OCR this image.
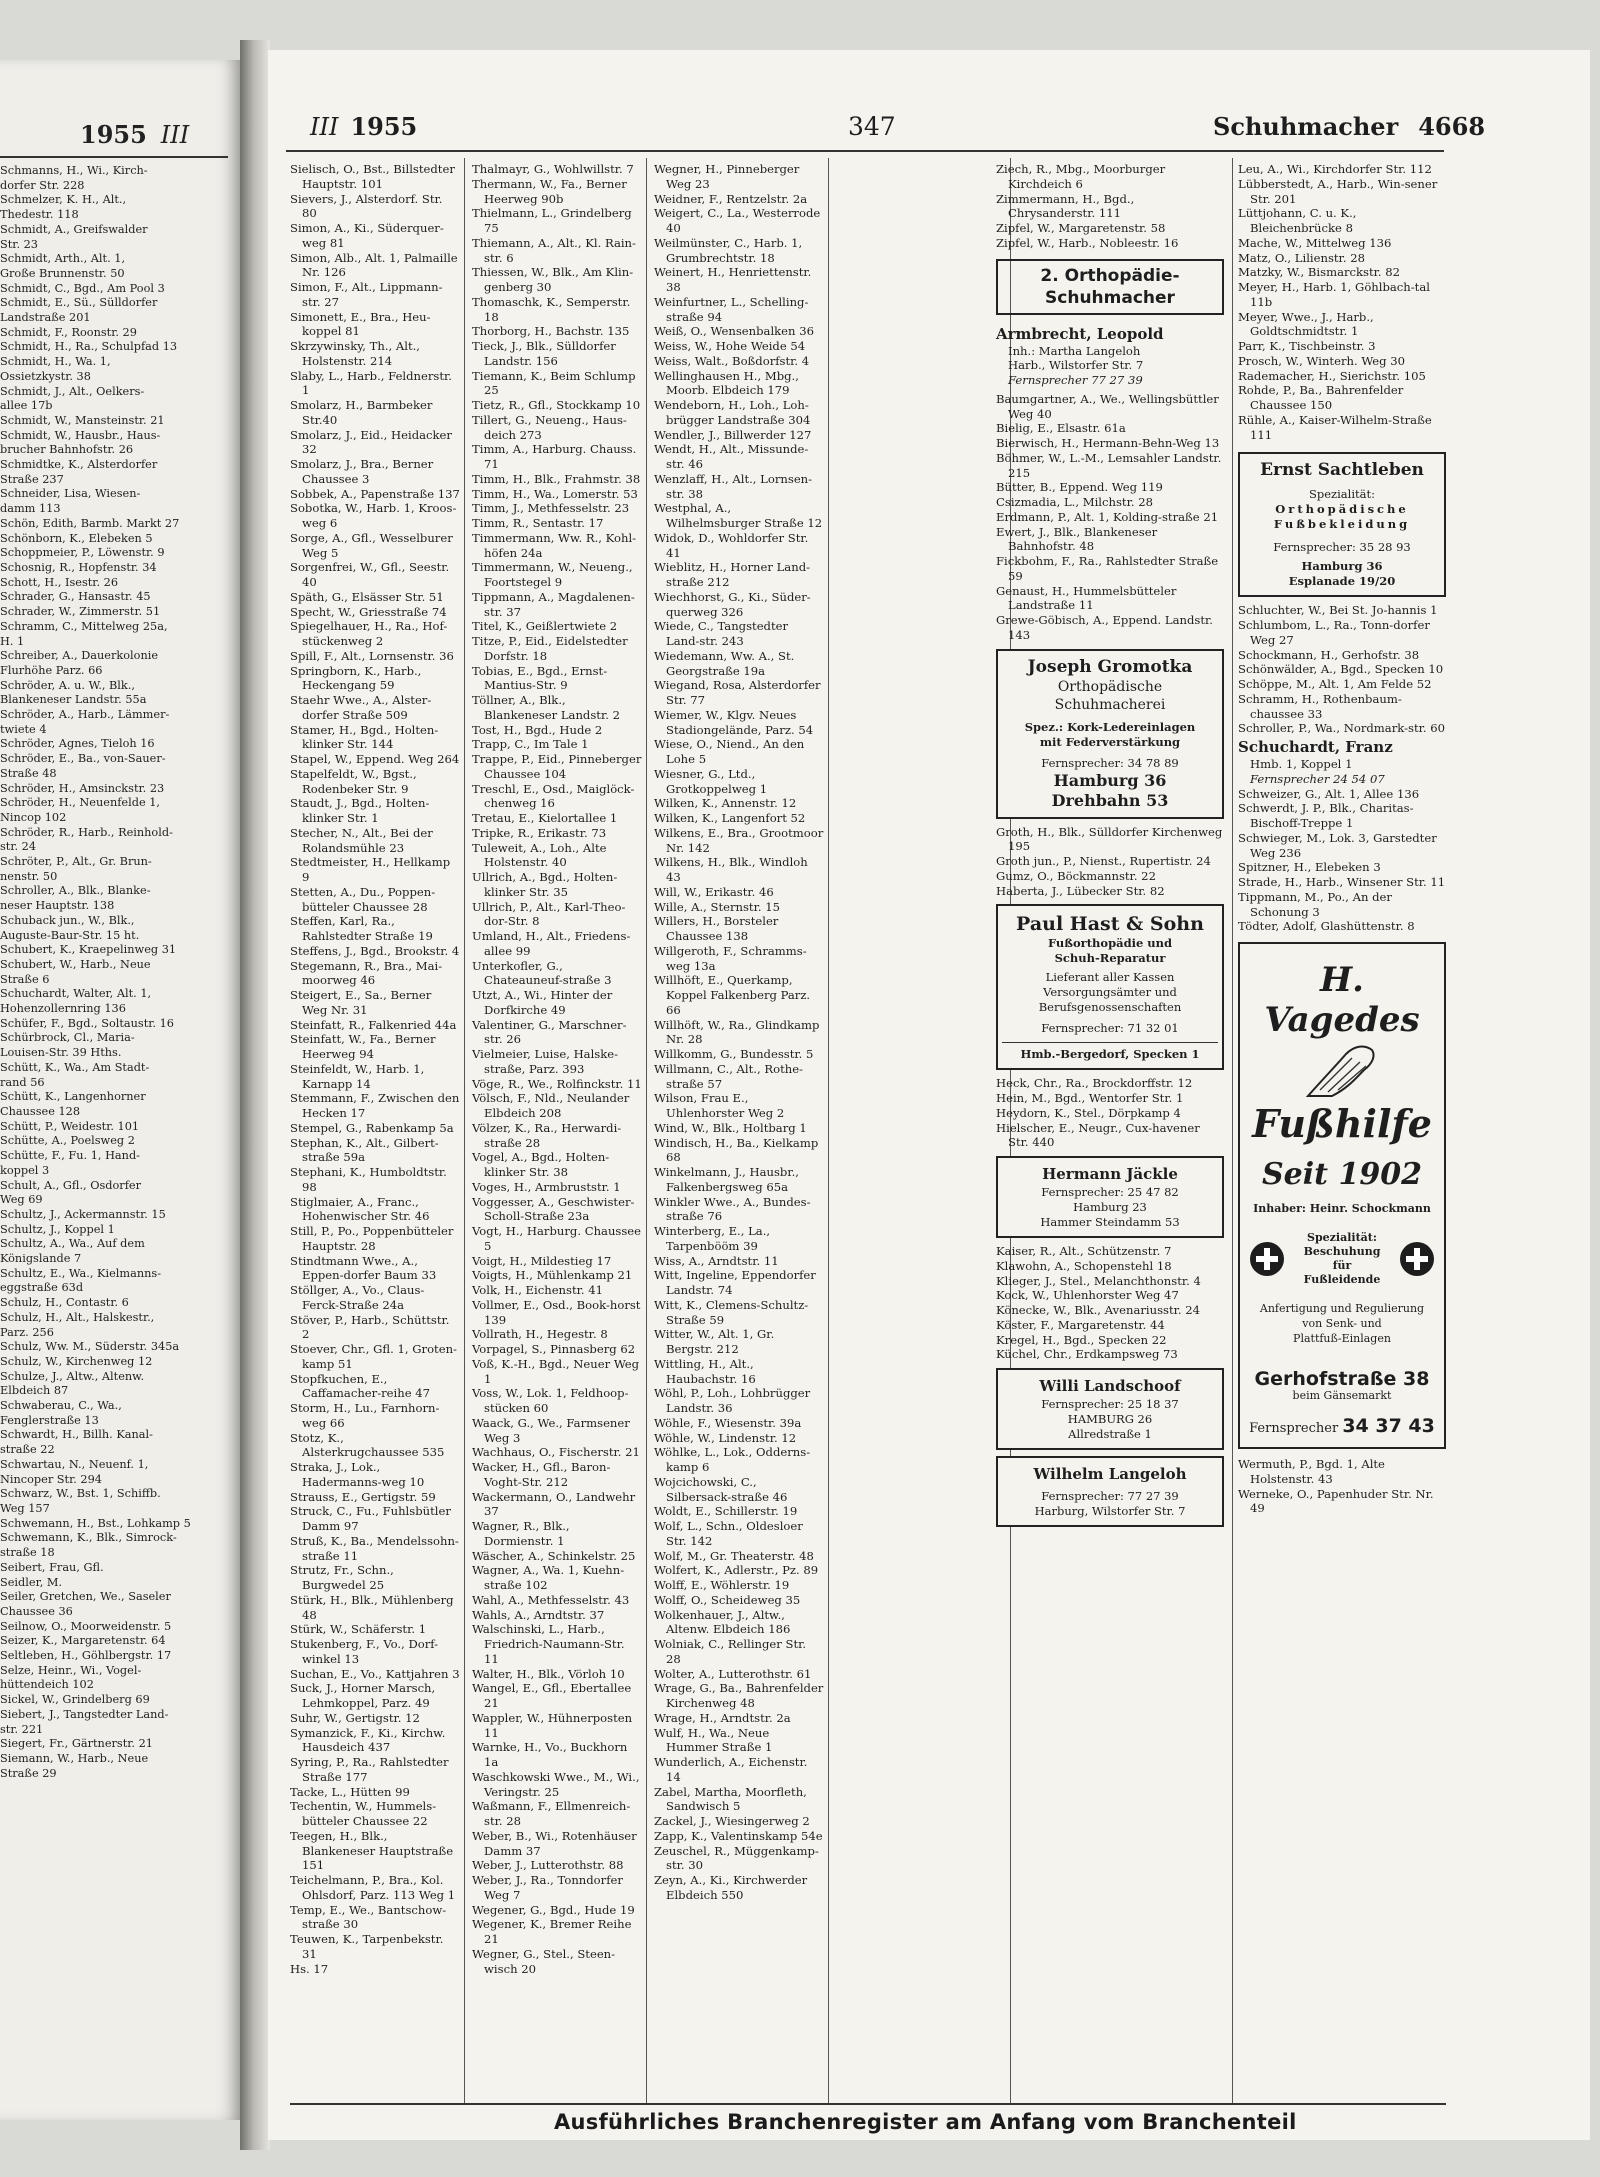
1955 III
Schmanns, H., Wi., Kirch-
dorfer Str. 228
Schmelzer, K. H., Alt.,
Thedestr. 118
Schmidt, A., Greifswalder
Str. 23
Schmidt, Arth., Alt. 1,
Große Brunnenstr. 50
Schmidt, C., Bgd., Am Pool 3
Schmidt, E., Sü., Sülldorfer
Landstraße 201
Schmidt, F., Roonstr. 29
Schmidt, H., Ra., Schulpfad 13
Schmidt, H., Wa. 1,
Ossietzkystr. 38
Schmidt, J., Alt., Oelkers-
allee 17b
Schmidt, W., Mansteinstr. 21
Schmidt, W., Hausbr., Haus-
brucher Bahnhofstr. 26
Schmidtke, K., Alsterdorfer
Straße 237
Schneider, Lisa, Wiesen-
damm 113
Schön, Edith, Barmb. Markt 27
Schönborn, K., Elebeken 5
Schoppmeier, P., Löwenstr. 9
Schosnig, R., Hopfenstr. 34
Schott, H., Isestr. 26
Schrader, G., Hansastr. 45
Schrader, W., Zimmerstr. 51
Schramm, C., Mittelweg 25a,
H. 1
Schreiber, A., Dauerkolonie
Flurhöhe Parz. 66
Schröder, A. u. W., Blk.,
Blankeneser Landstr. 55a
Schröder, A., Harb., Lämmer-
twiete 4
Schröder, Agnes, Tieloh 16
Schröder, E., Ba., von-Sauer-
Straße 48
Schröder, H., Amsinckstr. 23
Schröder, H., Neuenfelde 1,
Nincop 102
Schröder, R., Harb., Reinhold-
str. 24
Schröter, P., Alt., Gr. Brun-
nenstr. 50
Schroller, A., Blk., Blanke-
neser Hauptstr. 138
Schuback jun., W., Blk.,
Auguste-Baur-Str. 15 ht.
Schubert, K., Kraepelinweg 31
Schubert, W., Harb., Neue
Straße 6
Schuchardt, Walter, Alt. 1,
Hohenzollernring 136
Schüfer, F., Bgd., Soltaustr. 16
Schürbrock, Cl., Maria-
Louisen-Str. 39 Hths.
Schütt, K., Wa., Am Stadt-
rand 56
Schütt, K., Langenhorner
Chaussee 128
Schütt, P., Weidestr. 101
Schütte, A., Poelsweg 2
Schütte, F., Fu. 1, Hand-
koppel 3
Schult, A., Gfl., Osdorfer
Weg 69
Schultz, J., Ackermannstr. 15
Schultz, J., Koppel 1
Schultz, A., Wa., Auf dem
Königslande 7
Schultz, E., Wa., Kielmanns-
eggstraße 63d
Schulz, H., Contastr. 6
Schulz, H., Alt., Halskestr.,
Parz. 256
Schulz, Ww. M., Süderstr. 345a
Schulz, W., Kirchenweg 12
Schulze, J., Altw., Altenw.
Elbdeich 87
Schwaberau, C., Wa.,
Fenglerstraße 13
Schwardt, H., Billh. Kanal-
straße 22
Schwartau, N., Neuenf. 1,
Nincoper Str. 294
Schwarz, W., Bst. 1, Schiffb.
Weg 157
Schwemann, H., Bst., Lohkamp 5
Schwemann, K., Blk., Simrock-
straße 18
Seibert, Frau, Gfl.
Seidler, M.
Seiler, Gretchen, We., Saseler
Chaussee 36
Seilnow, O., Moorweidenstr. 5
Seizer, K., Margaretenstr. 64
Seltleben, H., Göhlbergstr. 17
Selze, Heinr., Wi., Vogel-
hüttendeich 102
Sickel, W., Grindelberg 69
Siebert, J., Tangstedter Land-
str. 221
Siegert, Fr., Gärtnerstr. 21
Siemann, W., Harb., Neue
Straße 29
III 1955	347	Schuhmacher 4668
Sielisch, O., Bst., Billstedter Hauptstr. 101
Sievers, J., Alsterdorf. Str. 80
Simon, A., Ki., Süderquer-weg 81
Simon, Alb., Alt. 1, Palmaille Nr. 126
Simon, F., Alt., Lippmann-str. 27
Simonett, E., Bra., Heu-koppel 81
Skrzywinsky, Th., Alt., Holstenstr. 214
Slaby, L., Harb., Feldnerstr. 1
Smolarz, H., Barmbeker Str.40
Smolarz, J., Eid., Heidacker 32
Smolarz, J., Bra., Berner Chaussee 3
Sobbek, A., Papenstraße 137
Sobotka, W., Harb. 1, Kroos-weg 6
Sorge, A., Gfl., Wesselburer Weg 5
Sorgenfrei, W., Gfl., Seestr. 40
Späth, G., Elsässer Str. 51
Specht, W., Griesstraße 74
Spiegelhauer, H., Ra., Hof-stückenweg 2
Spill, F., Alt., Lornsenstr. 36
Springborn, K., Harb., Heckengang 59
Staehr Wwe., A., Alster-dorfer Straße 509
Stamer, H., Bgd., Holten-klinker Str. 144
Stapel, W., Eppend. Weg 264
Stapelfeldt, W., Bgst., Rodenbeker Str. 9
Staudt, J., Bgd., Holten-klinker Str. 1
Stecher, N., Alt., Bei der Rolandsmühle 23
Stedtmeister, H., Hellkamp 9
Stetten, A., Du., Poppen-bütteler Chaussee 28
Steffen, Karl, Ra., Rahlstedter Straße 19
Steffens, J., Bgd., Brookstr. 4
Stegemann, R., Bra., Mai-moorweg 46
Steigert, E., Sa., Berner Weg Nr. 31
Steinfatt, R., Falkenried 44a
Steinfatt, W., Fa., Berner Heerweg 94
Steinfeldt, W., Harb. 1, Karnapp 14
Stemmann, F., Zwischen den Hecken 17
Stempel, G., Rabenkamp 5a
Stephan, K., Alt., Gilbert-straße 59a
Stephani, K., Humboldtstr. 98
Stiglmaier, A., Franc., Hohenwischer Str. 46
Still, P., Po., Poppenbütteler Hauptstr. 28
Stindtmann Wwe., A., Eppen-dorfer Baum 33
Stöllger, A., Vo., Claus-Ferck-Straße 24a
Stöver, P., Harb., Schüttstr. 2
Stoever, Chr., Gfl. 1, Groten-kamp 51
Stopfkuchen, E., Caffamacher-reihe 47
Storm, H., Lu., Farnhorn-weg 66
Stotz, K., Alsterkrugchaussee 535
Straka, J., Lok., Hadermanns-weg 10
Strauss, E., Gertigstr. 59
Struck, C., Fu., Fuhlsbütler Damm 97
Struß, K., Ba., Mendelssohn-straße 11
Strutz, Fr., Schn., Burgwedel 25
Stürk, H., Blk., Mühlenberg 48
Stürk, W., Schäferstr. 1
Stukenberg, F., Vo., Dorf-winkel 13
Suchan, E., Vo., Kattjahren 3
Suck, J., Horner Marsch, Lehmkoppel, Parz. 49
Suhr, W., Gertigstr. 12
Symanzick, F., Ki., Kirchw. Hausdeich 437
Syring, P., Ra., Rahlstedter Straße 177
Tacke, L., Hütten 99
Techentin, W., Hummels-bütteler Chaussee 22
Teegen, H., Blk., Blankeneser Hauptstraße 151
Teichelmann, P., Bra., Kol. Ohlsdorf, Parz. 113 Weg 1
Temp, E., We., Bantschow-straße 30
Teuwen, K., Tarpenbekstr. 31
Hs. 17
Thalmayr, G., Wohlwillstr. 7
Thermann, W., Fa., Berner Heerweg 90b
Thielmann, L., Grindelberg 75
Thiemann, A., Alt., Kl. Rain-str. 6
Thiessen, W., Blk., Am Klin-genberg 30
Thomaschk, K., Semperstr. 18
Thorborg, H., Bachstr. 135
Tieck, J., Blk., Sülldorfer Landstr. 156
Tiemann, K., Beim Schlump 25
Tietz, R., Gfl., Stockkamp 10
Tillert, G., Neueng., Haus-deich 273
Timm, A., Harburg. Chauss. 71
Timm, H., Blk., Frahmstr. 38
Timm, H., Wa., Lomerstr. 53
Timm, J., Methfesselstr. 23
Timm, R., Sentastr. 17
Timmermann, Ww. R., Kohl-höfen 24a
Timmermann, W., Neueng., Foortstegel 9
Tippmann, A., Magdalenen-str. 37
Titel, K., Geißlertwiete 2
Titze, P., Eid., Eidelstedter Dorfstr. 18
Tobias, E., Bgd., Ernst-Mantius-Str. 9
Töllner, A., Blk., Blankeneser Landstr. 2
Tost, H., Bgd., Hude 2
Trapp, C., Im Tale 1
Trappe, P., Eid., Pinneberger Chaussee 104
Treschl, E., Osd., Maiglöck-chenweg 16
Tretau, E., Kielortallee 1
Tripke, R., Erikastr. 73
Tuleweit, A., Loh., Alte Holstenstr. 40
Ullrich, A., Bgd., Holten-klinker Str. 35
Ullrich, P., Alt., Karl-Theo-dor-Str. 8
Umland, H., Alt., Friedens-allee 99
Unterkofler, G., Chateauneuf-straße 3
Utzt, A., Wi., Hinter der Dorfkirche 49
Valentiner, G., Marschner-str. 26
Vielmeier, Luise, Halske-straße, Parz. 393
Vöge, R., We., Rolfinckstr. 11
Völsch, F., Nld., Neulander Elbdeich 208
Völzer, K., Ra., Herwardi-straße 28
Vogel, A., Bgd., Holten-klinker Str. 38
Voges, H., Armbruststr. 1
Voggesser, A., Geschwister-Scholl-Straße 23a
Vogt, H., Harburg. Chaussee 5
Voigt, H., Mildestieg 17
Voigts, H., Mühlenkamp 21
Volk, H., Eichenstr. 41
Vollmer, E., Osd., Book-horst 139
Vollrath, H., Hegestr. 8
Vorpagel, S., Pinnasberg 62
Voß, K.-H., Bgd., Neuer Weg 1
Voss, W., Lok. 1, Feldhoop-stücken 60
Waack, G., We., Farmsener Weg 3
Wachhaus, O., Fischerstr. 21
Wacker, H., Gfl., Baron-Voght-Str. 212
Wackermann, O., Landwehr 37
Wagner, R., Blk., Dormienstr. 1
Wäscher, A., Schinkelstr. 25
Wagner, A., Wa. 1, Kuehn-straße 102
Wahl, A., Methfesselstr. 43
Wahls, A., Arndtstr. 37
Walschinski, L., Harb., Friedrich-Naumann-Str. 11
Walter, H., Blk., Vörloh 10
Wangel, E., Gfl., Ebertallee 21
Wappler, W., Hühnerposten 11
Warnke, H., Vo., Buckhorn 1a
Waschkowski Wwe., M., Wi., Veringstr. 25
Waßmann, F., Ellmenreich-str. 28
Weber, B., Wi., Rotenhäuser Damm 37
Weber, J., Lutterothstr. 88
Weber, J., Ra., Tonndorfer Weg 7
Wegener, G., Bgd., Hude 19
Wegener, K., Bremer Reihe 21
Wegner, G., Stel., Steen-wisch 20
Wegner, H., Pinneberger Weg 23
Weidner, F., Rentzelstr. 2a
Weigert, C., La., Westerrode 40
Weilmünster, C., Harb. 1, Grumbrechtstr. 18
Weinert, H., Henriettenstr. 38
Weinfurtner, L., Schelling-straße 94
Weiß, O., Wensenbalken 36
Weiss, W., Hohe Weide 54
Weiss, Walt., Boßdorfstr. 4
Wellinghausen H., Mbg., Moorb. Elbdeich 179
Wendeborn, H., Loh., Loh-brügger Landstraße 304
Wendler, J., Billwerder 127
Wendt, H., Alt., Missunde-str. 46
Wenzlaff, H., Alt., Lornsen-str. 38
Westphal, A., Wilhelmsburger Straße 12
Widok, D., Wohldorfer Str. 41
Wieblitz, H., Horner Land-straße 212
Wiechhorst, G., Ki., Süder-querweg 326
Wiede, C., Tangstedter Land-str. 243
Wiedemann, Ww. A., St. Georgstraße 19a
Wiegand, Rosa, Alsterdorfer Str. 77
Wiemer, W., Klgv. Neues Stadiongelände, Parz. 54
Wiese, O., Niend., An den Lohe 5
Wiesner, G., Ltd., Grotkoppelweg 1
Wilken, K., Annenstr. 12
Wilken, K., Langenfort 52
Wilkens, E., Bra., Grootmoor Nr. 142
Wilkens, H., Blk., Windloh 43
Will, W., Erikastr. 46
Wille, A., Sternstr. 15
Willers, H., Borsteler Chaussee 138
Willgeroth, F., Schramms-weg 13a
Willhöft, E., Querkamp, Koppel Falkenberg Parz. 66
Willhöft, W., Ra., Glindkamp Nr. 28
Willkomm, G., Bundesstr. 5
Willmann, C., Alt., Rothe-straße 57
Wilson, Frau E., Uhlenhorster Weg 2
Wind, W., Blk., Holtbarg 1
Windisch, H., Ba., Kielkamp 68
Winkelmann, J., Hausbr., Falkenbergsweg 65a
Winkler Wwe., A., Bundes-straße 76
Winterberg, E., La., Tarpenbööm 39
Wiss, A., Arndtstr. 11
Witt, Ingeline, Eppendorfer Landstr. 74
Witt, K., Clemens-Schultz-Straße 59
Witter, W., Alt. 1, Gr. Bergstr. 212
Wittling, H., Alt., Haubachstr. 16
Wöhl, P., Loh., Lohbrügger Landstr. 36
Wöhle, F., Wiesenstr. 39a
Wöhle, W., Lindenstr. 12
Wöhlke, L., Lok., Odderns-kamp 6
Wojcichowski, C., Silbersack-straße 46
Woldt, E., Schillerstr. 19
Wolf, L., Schn., Oldesloer Str. 142
Wolf, M., Gr. Theaterstr. 48
Wolfert, K., Adlerstr., Pz. 89
Wolff, E., Wöhlerstr. 19
Wolff, O., Scheideweg 35
Wolkenhauer, J., Altw., Altenw. Elbdeich 186
Wolniak, C., Rellinger Str. 28
Wolter, A., Lutterothstr. 61
Wrage, G., Ba., Bahrenfelder Kirchenweg 48
Wrage, H., Arndtstr. 2a
Wulf, H., Wa., Neue Hummer Straße 1
Wunderlich, A., Eichenstr. 14
Zabel, Martha, Moorfleth, Sandwisch 5
Zackel, J., Wiesingerweg 2
Zapp, K., Valentinskamp 54e
Zeuschel, R., Müggenkamp-str. 30
Zeyn, A., Ki., Kirchwerder Elbdeich 550
Ziech, R., Mbg., Moorburger Kirchdeich 6
Zimmermann, H., Bgd., Chrysanderstr. 111
Zipfel, W., Margaretenstr. 58
Zipfel, W., Harb., Nobleestr. 16
2. Orthopädie-
Schuhmacher
Armbrecht, Leopold
Inh.: Martha Langeloh
Harb., Wilstorfer Str. 7
Fernsprecher 77 27 39
Baumgartner, A., We., Wellingsbüttler Weg 40
Bielig, E., Elsastr. 61a
Bierwisch, H., Hermann-Behn-Weg 13
Böhmer, W., L.-M., Lemsahler Landstr. 215
Bütter, B., Eppend. Weg 119
Csizmadia, L., Milchstr. 28
Erdmann, P., Alt. 1, Kolding-straße 21
Ewert, J., Blk., Blankeneser Bahnhofstr. 48
Fickbohm, F., Ra., Rahlstedter Straße 59
Genaust, H., Hummelsbütteler Landstraße 11
Grewe-Göbisch, A., Eppend. Landstr. 143
Joseph Gromotka
Orthopädische
Schuhmacherei
Spez.: Kork-Ledereinlagen
mit Federverstärkung
Fernsprecher: 34 78 89
Hamburg 36
Drehbahn 53
Groth, H., Blk., Sülldorfer Kirchenweg 195
Groth jun., P., Nienst., Rupertistr. 24
Gumz, O., Böckmannstr. 22
Haberta, J., Lübecker Str. 82
Paul Hast & Sohn
Fußorthopädie und
Schuh-Reparatur
Lieferant aller Kassen
Versorgungsämter und
Berufsgenossenschaften
Fernsprecher: 71 32 01
Hmb.-Bergedorf, Specken 1
Heck, Chr., Ra., Brockdorffstr. 12
Hein, M., Bgd., Wentorfer Str. 1
Heydorn, K., Stel., Dörpkamp 4
Hielscher, E., Neugr., Cux-havener Str. 440
Hermann Jäckle
Fernsprecher: 25 47 82
Hamburg 23
Hammer Steindamm 53
Kaiser, R., Alt., Schützenstr. 7
Klawohn, A., Schopenstehl 18
Klieger, J., Stel., Melanchthonstr. 4
Kock, W., Uhlenhorster Weg 47
Könecke, W., Blk., Avenariusstr. 24
Köster, F., Margaretenstr. 44
Kregel, H., Bgd., Specken 22
Küchel, Chr., Erdkampsweg 73
Willi Landschoof
Fernsprecher: 25 18 37
HAMBURG 26
Allredstraße 1
Wilhelm Langeloh
Fernsprecher: 77 27 39
Harburg, Wilstorfer Str. 7
Leu, A., Wi., Kirchdorfer Str. 112
Lübberstedt, A., Harb., Win-sener Str. 201
Lüttjohann, C. u. K., Bleichenbrücke 8
Mache, W., Mittelweg 136
Matz, O., Lilienstr. 28
Matzky, W., Bismarckstr. 82
Meyer, H., Harb. 1, Göhlbach-tal 11b
Meyer, Wwe., J., Harb., Goldtschmidtstr. 1
Parr, K., Tischbeinstr. 3
Prosch, W., Winterh. Weg 30
Rademacher, H., Sierichstr. 105
Rohde, P., Ba., Bahrenfelder Chaussee 150
Rühle, A., Kaiser-Wilhelm-Straße 111
Ernst Sachtleben
Spezialität:
Orthopädische
Fußbekleidung
Fernsprecher: 35 28 93
Hamburg 36
Esplanade 19/20
Schluchter, W., Bei St. Jo-hannis 1
Schlumbom, L., Ra., Tonn-dorfer Weg 27
Schockmann, H., Gerhofstr. 38
Schönwälder, A., Bgd., Specken 10
Schöppe, M., Alt. 1, Am Felde 52
Schramm, H., Rothenbaum-chaussee 33
Schroller, P., Wa., Nordmark-str. 60
Schuchardt, Franz
Hmb. 1, Koppel 1
Fernsprecher 24 54 07
Schweizer, G., Alt. 1, Allee 136
Schwerdt, J. P., Blk., Charitas-Bischoff-Treppe 1
Schwieger, M., Lok. 3, Garstedter Weg 236
Spitzner, H., Elebeken 3
Strade, H., Harb., Winsener Str. 11
Tippmann, M., Po., An der Schonung 3
Tödter, Adolf, Glashüttenstr. 8
H. Vagedes
Fußhilfe
Seit 1902
Inhaber: Heinr. Schockmann
Spezialität:
Beschuhung
für
Fußleidende
Anfertigung und Regulierung
von Senk- und
Plattfuß-Einlagen
Gerhofstraße 38
beim Gänsemarkt
Fernsprecher 34 37 43
Wermuth, P., Bgd. 1, Alte Holstenstr. 43
Werneke, O., Papenhuder Str. Nr. 49
Ausführliches Branchenregister am Anfang vom Branchenteil
